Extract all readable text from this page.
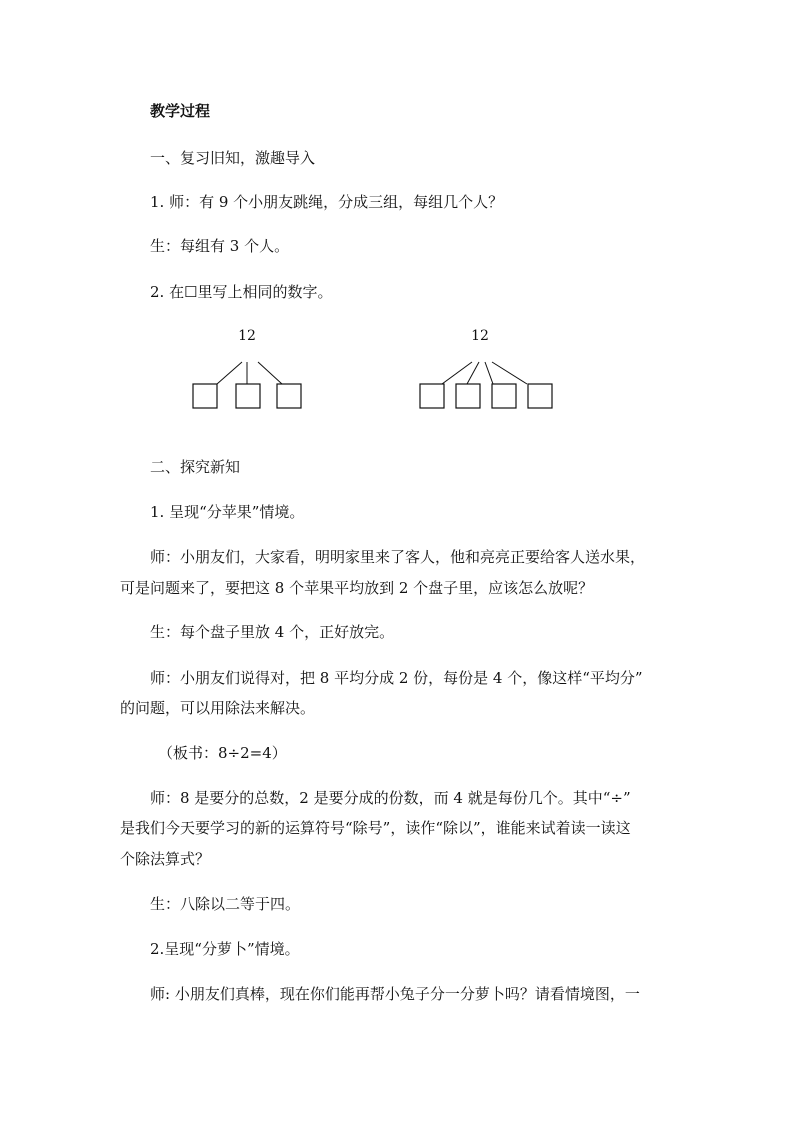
教学过程
一、复习旧知，激趣导入
1. 师：有 9 个小朋友跳绳，分成三组，每组几个人？
生：每组有 3 个人。
2. 在☐里写上相同的数字。
12	12
二、探究新知
1. 呈现“分苹果”情境。
师：小朋友们，大家看，明明家里来了客人，他和亮亮正要给客人送水果，
可是问题来了，要把这 8 个苹果平均放到 2 个盘子里，应该怎么放呢？
生：每个盘子里放 4 个，正好放完。
师：小朋友们说得对，把 8 平均分成 2 份，每份是 4 个，像这样“平均分”
的问题，可以用除法来解决。
（板书：8÷2=4）
师：8 是要分的总数，2 是要分成的份数，而 4 就是每份几个。其中“÷”
是我们今天要学习的新的运算符号“除号”，读作“除以”，谁能来试着读一读这
个除法算式？
生：八除以二等于四。
2.呈现“分萝卜”情境。
师: 小朋友们真棒，现在你们能再帮小兔子分一分萝卜吗？请看情境图，一
